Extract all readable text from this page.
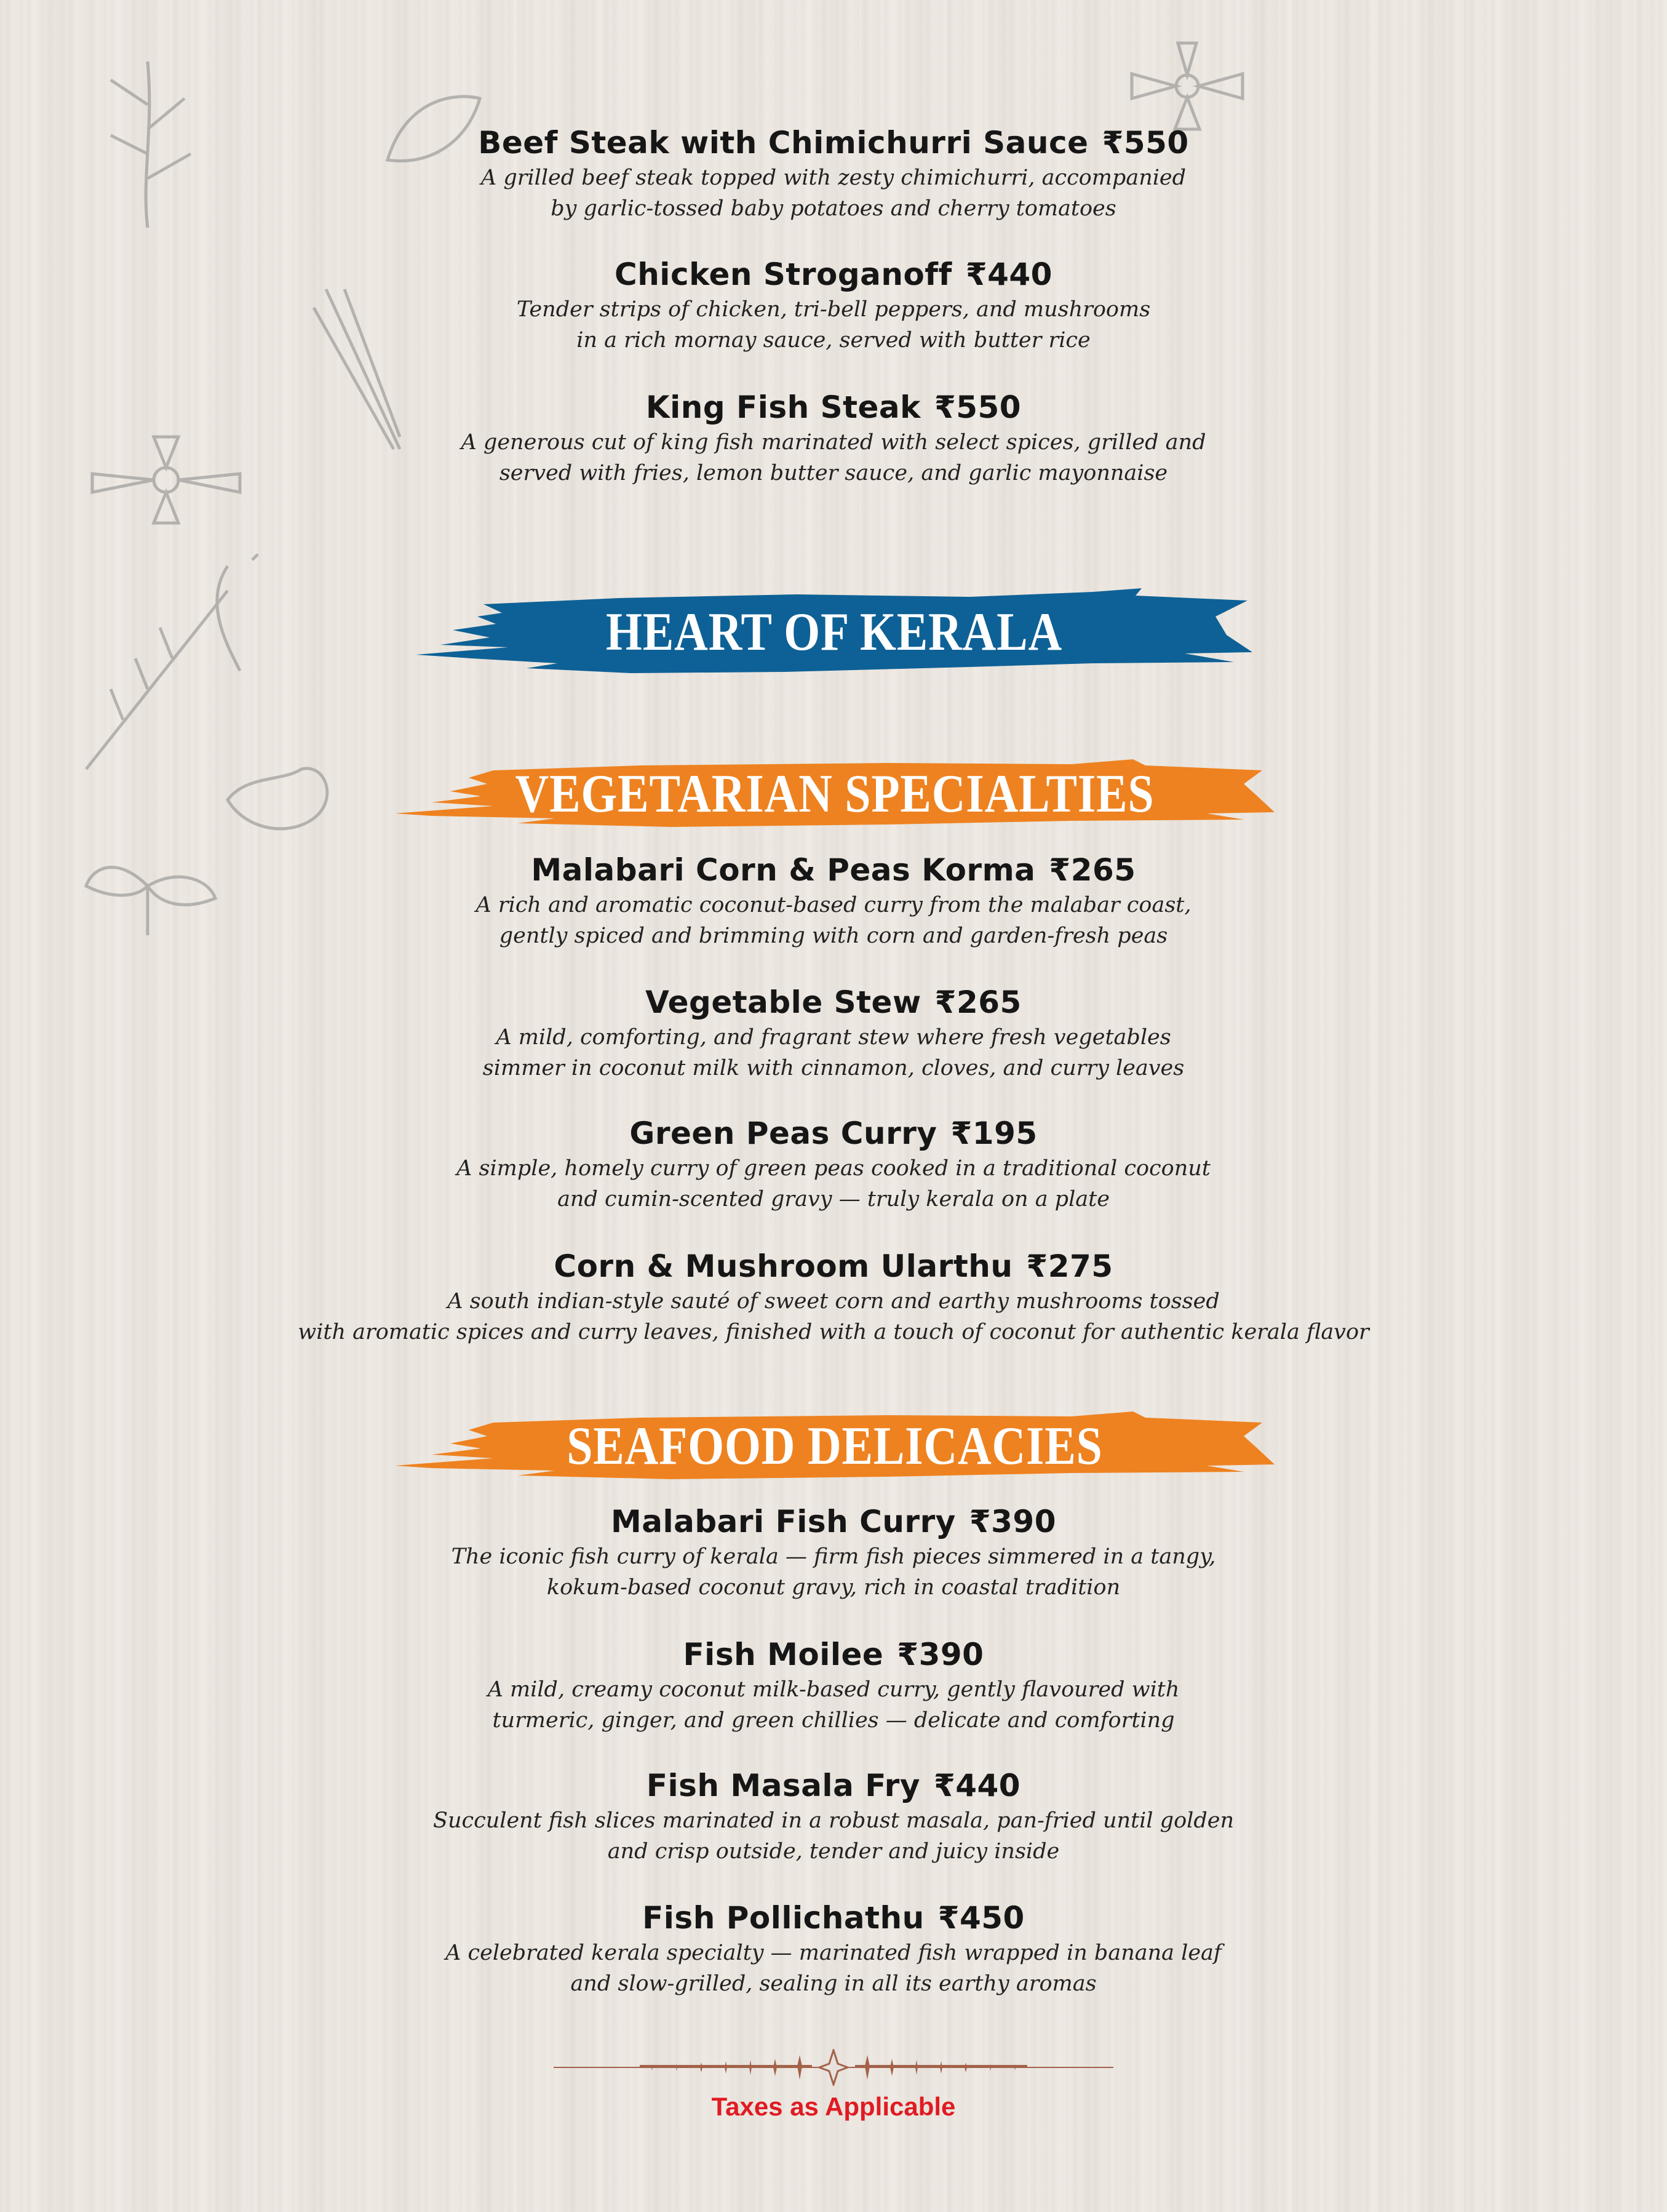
Beef Steak with Chimichurri Sauce ₹550
A grilled beef steak topped with zesty chimichurri, accompanied
by garlic-tossed baby potatoes and cherry tomatoes
Chicken Stroganoff ₹440
Tender strips of chicken, tri-bell peppers, and mushrooms
in a rich mornay sauce, served with butter rice
King Fish Steak ₹550
A generous cut of king fish marinated with select spices, grilled and
served with fries, lemon butter sauce, and garlic mayonnaise
HEART OF KERALA
VEGETARIAN SPECIALTIES
Malabari Corn & Peas Korma ₹265
A rich and aromatic coconut-based curry from the malabar coast,
gently spiced and brimming with corn and garden-fresh peas
Vegetable Stew ₹265
A mild, comforting, and fragrant stew where fresh vegetables
simmer in coconut milk with cinnamon, cloves, and curry leaves
Green Peas Curry ₹195
A simple, homely curry of green peas cooked in a traditional coconut
and cumin-scented gravy — truly kerala on a plate
Corn & Mushroom Ularthu ₹275
A south indian-style sauté of sweet corn and earthy mushrooms tossed
with aromatic spices and curry leaves, finished with a touch of coconut for authentic kerala flavor
SEAFOOD DELICACIES
Malabari Fish Curry ₹390
The iconic fish curry of kerala — firm fish pieces simmered in a tangy,
kokum-based coconut gravy, rich in coastal tradition
Fish Moilee ₹390
A mild, creamy coconut milk-based curry, gently flavoured with
turmeric, ginger, and green chillies — delicate and comforting
Fish Masala Fry ₹440
Succulent fish slices marinated in a robust masala, pan-fried until golden
and crisp outside, tender and juicy inside
Fish Pollichathu ₹450
A celebrated kerala specialty — marinated fish wrapped in banana leaf
and slow-grilled, sealing in all its earthy aromas
Taxes as Applicable
